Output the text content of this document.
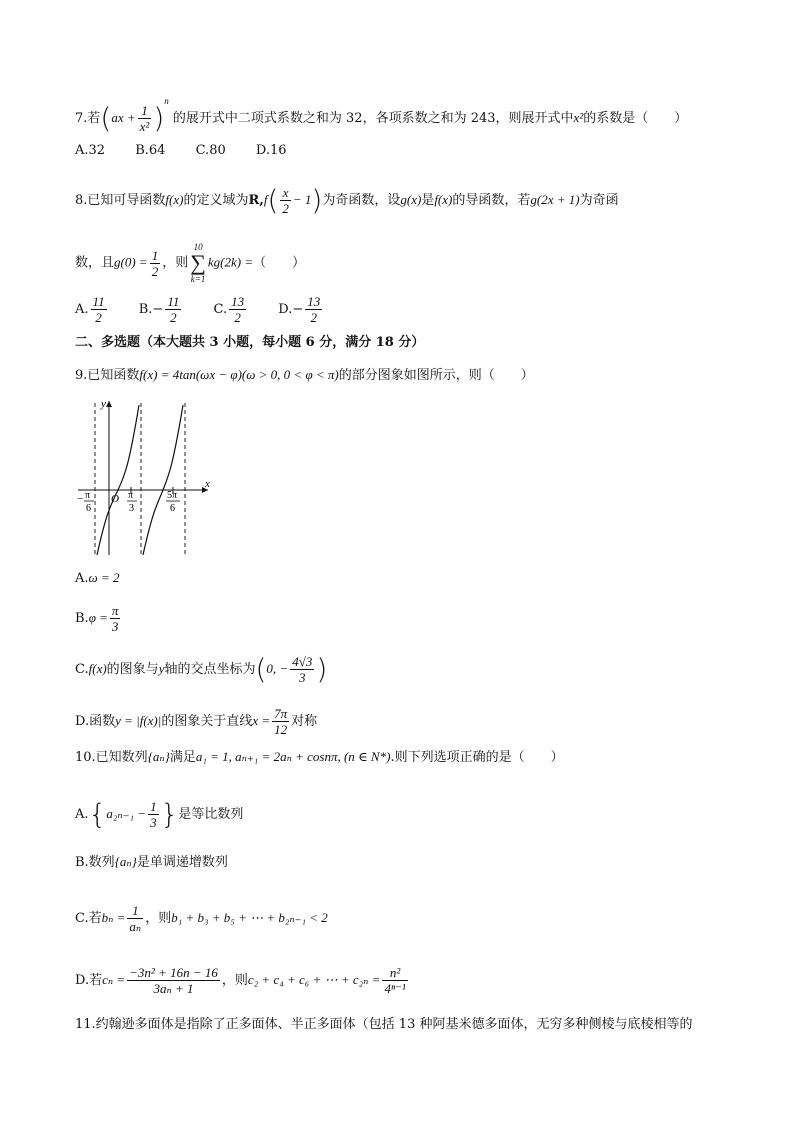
7.若$(ax + \frac{1}{\text{x²}} )^n$ 的展开式中二项式系数之和为 32，各项系数之和为 243，则展开式中x²的系数是（　　）
A.32 B.64 C.80 D.16
8.已知可导函数f(x)的定义域为$R,f( \frac{x}{2} - 1)$为奇函数，设g(x)是f(x)的导函数，若g(2x + 1)为奇函
数，且$g(0) = \frac{1}{2}$ ，则
10
∑
k=1
kg(2k) =（　　）
A. $\frac{11}{2} B.- \frac{11}{2} C$. $\frac{13}{2} D.- \frac{13}{2}$
二、多选题（本大题共 3 小题，每小题 6 分，满分 18 分）
9.已知函数f(x) = 4tan(ωx − φ)(ω > 0, 0 < φ < π)的部分图象如图所示，则（　　）
y
x
O
− π
6
π
3
5π
6
A.ω = 2
$B.\varphi = \frac{\pi}{3}$
C.f(x)的图象与y轴的交点坐标为(0, − $\frac{4√3}{3}$ )
D.函数y = |f(x)|的图象关于直线$x = \frac{7\pi}{12}$ 对称
10.已知数列{aₙ}满足a₁ = 1, aₙ₊₁ = 2aₙ + cosnπ, (n ∈ N*).则下列选项正确的是（　　）
$A.\{a_{2n-1} - \frac{1}{3}$ }是等比数列
B.数列{aₙ}是单调递增数列
C.若$b_n = \frac{1}{\text{aₙ}}$ ，则b₁ + b₃ + b₅ + ⋯ + b₂ₙ₋₁ < 2
D.若$c_n = \frac{\text{−3n² + 16n − 16}}{\text{3aₙ + 1}}$ ，则c₂ + c₄ + c₆ + ⋯ + $c_{2n} = \frac{\text{n²}}{\text{4ⁿ⁻¹}}$
11.约翰逊多面体是指除了正多面体、半正多面体（包括 13 种阿基米德多面体，无穷多种侧棱与底棱相等的
